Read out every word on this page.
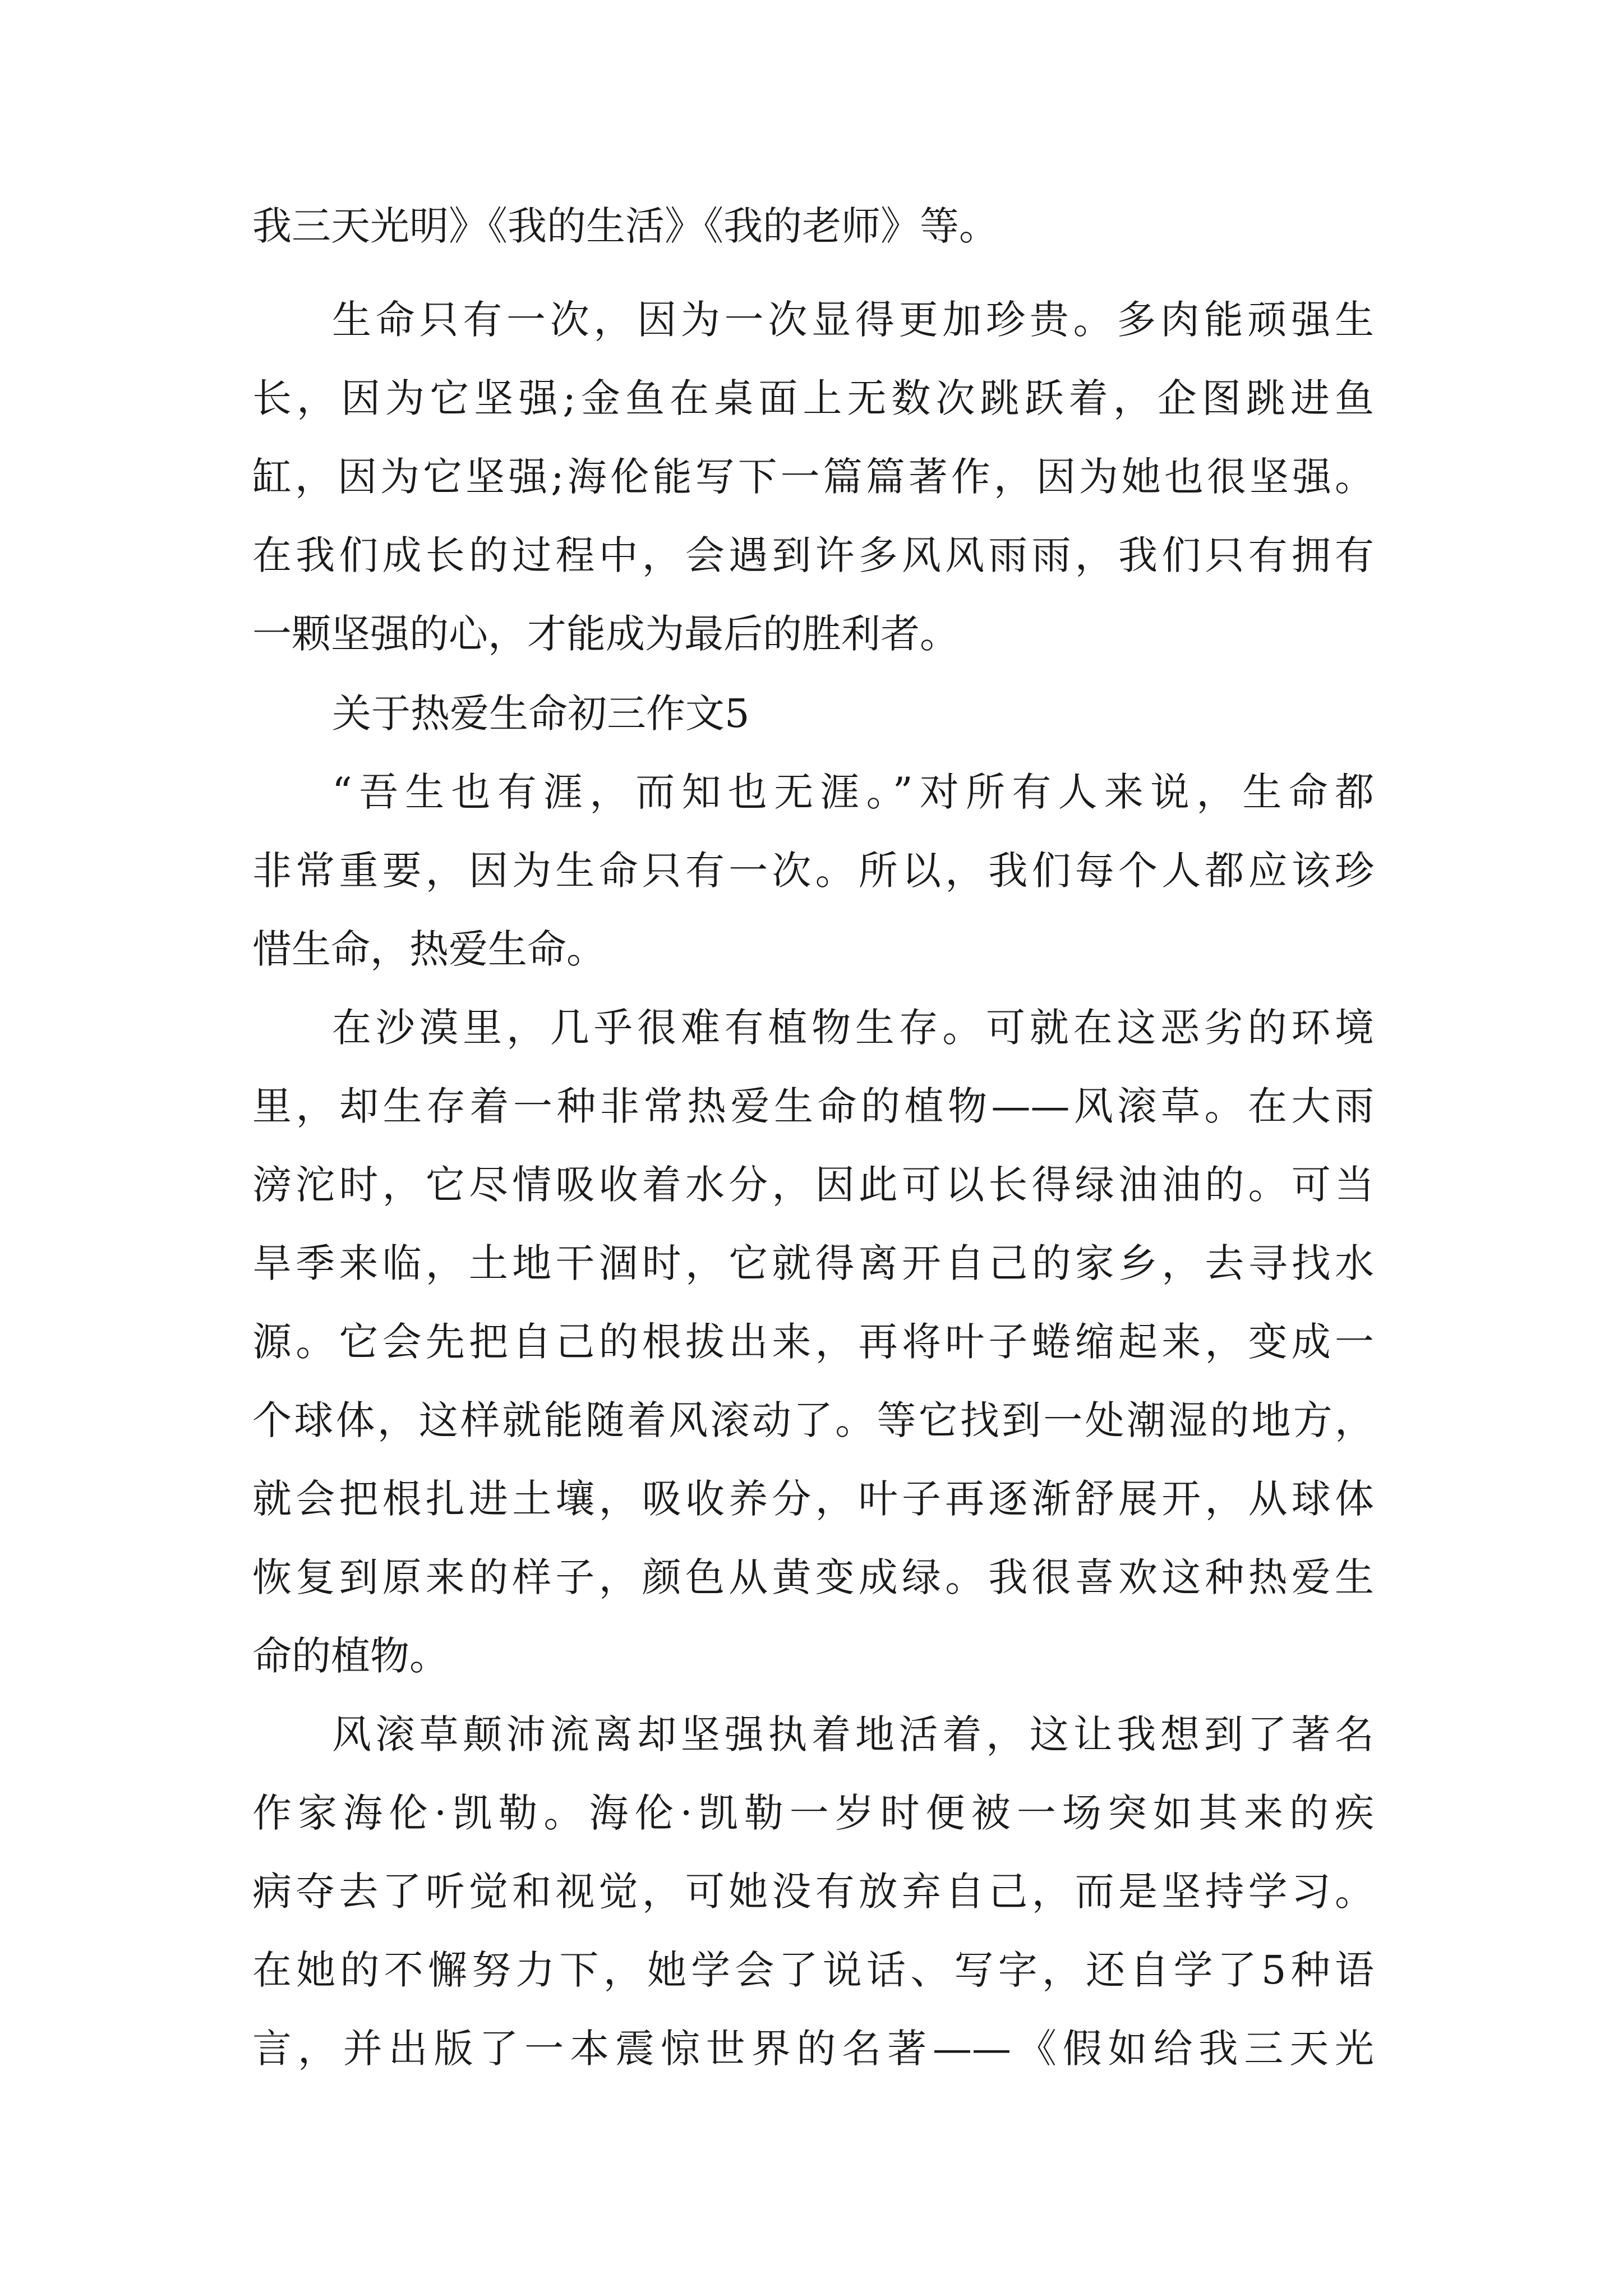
我三天光明》《我的生活》《我的老师》等。
生命只有一次，因为一次显得更加珍贵。多肉能顽强生
长，因为它坚强;金鱼在桌面上无数次跳跃着，企图跳进鱼
缸，因为它坚强;海伦能写下一篇篇著作，因为她也很坚强。
在我们成长的过程中，会遇到许多风风雨雨，我们只有拥有
一颗坚强的心，才能成为最后的胜利者。
关于热爱生命初三作文5
“吾生也有涯，而知也无涯。”对所有人来说，生命都
非常重要，因为生命只有一次。所以，我们每个人都应该珍
惜生命，热爱生命。
在沙漠里，几乎很难有植物生存。可就在这恶劣的环境
里，却生存着一种非常热爱生命的植物——风滚草。在大雨
滂沱时，它尽情吸收着水分，因此可以长得绿油油的。可当
旱季来临，土地干涸时，它就得离开自己的家乡，去寻找水
源。它会先把自己的根拔出来，再将叶子蜷缩起来，变成一
个球体，这样就能随着风滚动了。等它找到一处潮湿的地方，
就会把根扎进土壤，吸收养分，叶子再逐渐舒展开，从球体
恢复到原来的样子，颜色从黄变成绿。我很喜欢这种热爱生
命的植物。
风滚草颠沛流离却坚强执着地活着，这让我想到了著名
作家海伦·凯勒。海伦·凯勒一岁时便被一场突如其来的疾
病夺去了听觉和视觉，可她没有放弃自己，而是坚持学习。
在她的不懈努力下，她学会了说话、写字，还自学了5种语
言，并出版了一本震惊世界的名著——《假如给我三天光
